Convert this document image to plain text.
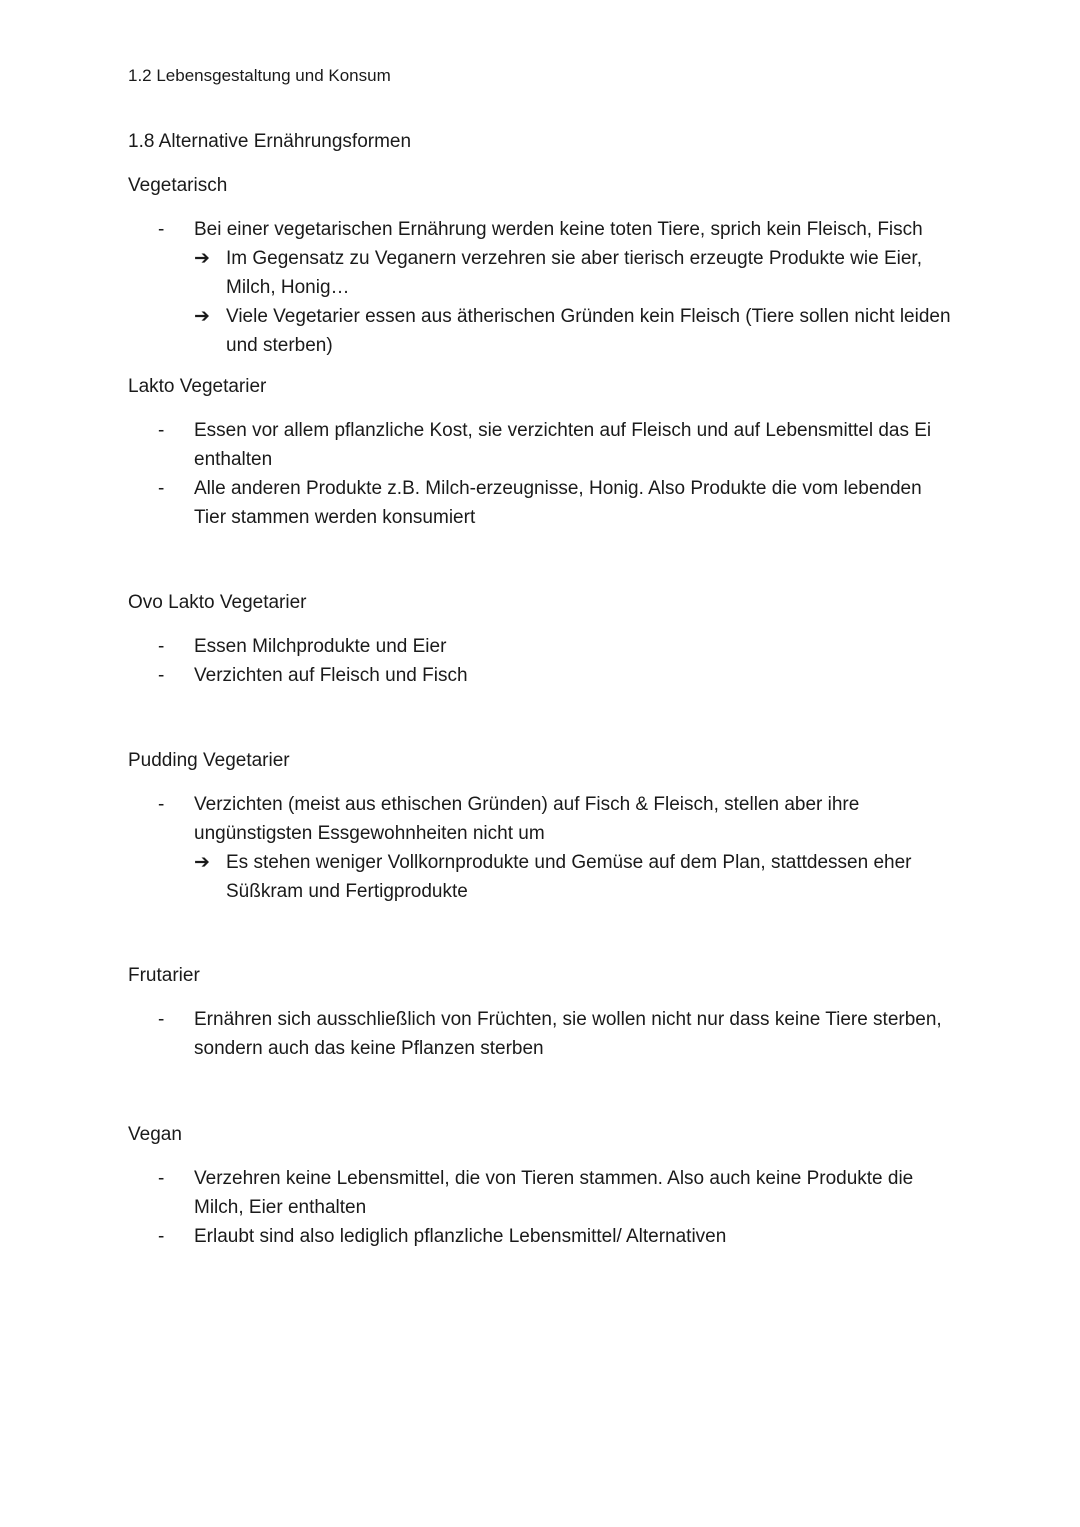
1.2 Lebensgestaltung und Konsum

1.8 Alternative Ernährungsformen
Vegetarisch
- Bei einer vegetarischen Ernährung werden keine toten Tiere, sprich kein Fleisch, Fisch
➔ Im Gegensatz zu Veganern verzehren sie aber tierisch erzeugte Produkte wie Eier, Milch, Honig…
➔ Viele Vegetarier essen aus ätherischen Gründen kein Fleisch (Tiere sollen nicht leiden und sterben)
Lakto Vegetarier
- Essen vor allem pflanzliche Kost, sie verzichten auf Fleisch und auf Lebensmittel das Ei enthalten
- Alle anderen Produkte z.B. Milch-erzeugnisse, Honig. Also Produkte die vom lebenden Tier stammen werden konsumiert
Ovo Lakto Vegetarier
- Essen Milchprodukte und Eier
- Verzichten auf Fleisch und Fisch
Pudding Vegetarier
- Verzichten (meist aus ethischen Gründen) auf Fisch & Fleisch, stellen aber ihre ungünstigsten Essgewohnheiten nicht um
➔ Es stehen weniger Vollkornprodukte und Gemüse auf dem Plan, stattdessen eher Süßkram und Fertigprodukte
Frutarier
- Ernähren sich ausschließlich von Früchten, sie wollen nicht nur dass keine Tiere sterben, sondern auch das keine Pflanzen sterben
Vegan
- Verzehren keine Lebensmittel, die von Tieren stammen. Also auch keine Produkte die Milch, Eier enthalten
- Erlaubt sind also lediglich pflanzliche Lebensmittel/ Alternativen
